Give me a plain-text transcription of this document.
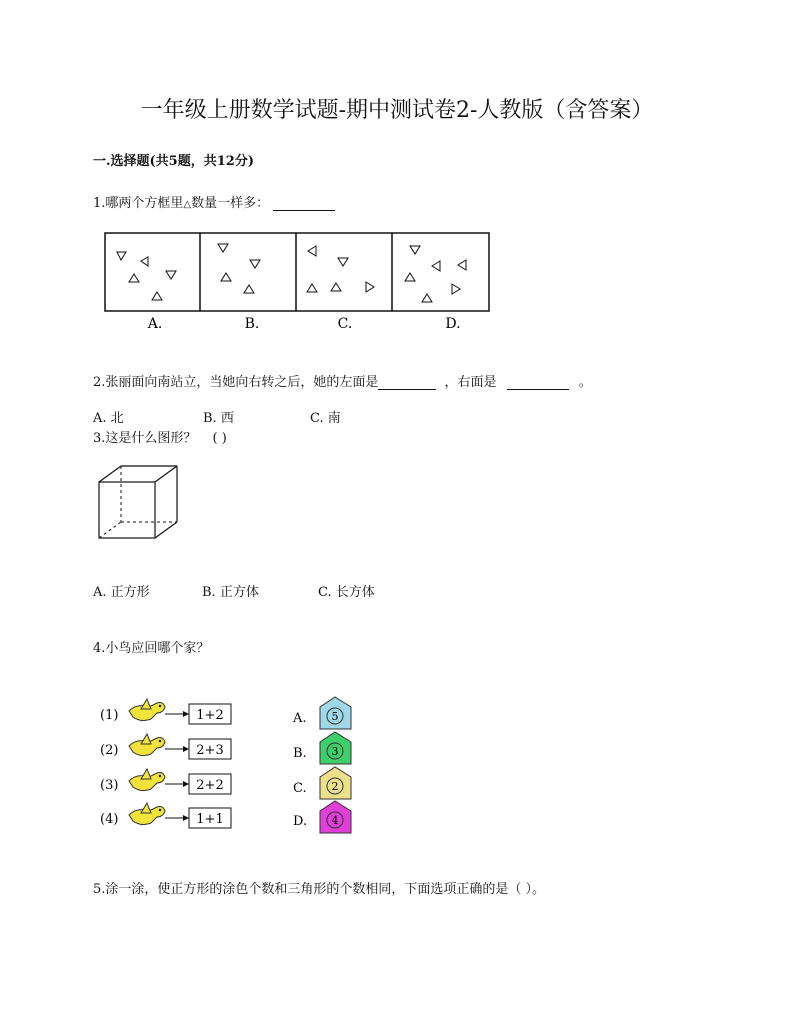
一年级上册数学试题-期中测试卷2-人教版（含答案）
一.选择题(共5题，共12分)
1.哪两个方框里△数量一样多：
A.	B.	C.	D.
2.张丽面向南站立，当她向右转之后，她的左面是	，右面是	。
A. 北	B. 西	C. 南
3.这是什么图形？ ( )
A. 正方形	B. 正方体	C. 长方体
4.小鸟应回哪个家？
(1)	1+2
(2)	2+3
(3)	2+2
(4)	1+1
A. 5
B. 3
C. 2
D. 4
5.涂一涂，使正方形的涂色个数和三角形的个数相同，下面选项正确的是（ ）。
